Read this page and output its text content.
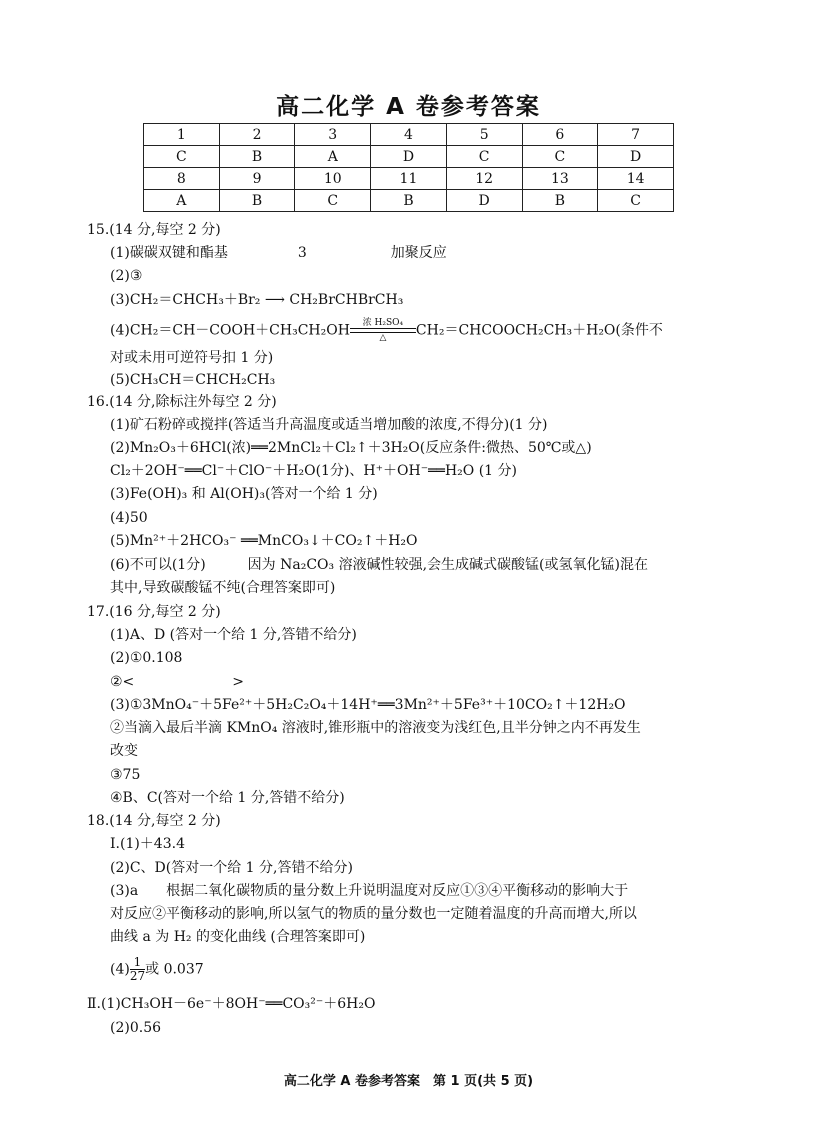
高二化学 A 卷参考答案
1	2	3	4	5	6	7
C	B	A	D	C	C	D
8	9	10	11	12	13	14
A	B	C	B	D	B	C
15.(14 分,每空 2 分)
(1)碳碳双键和酯基　　　　　3　　　　　　加聚反应
(2)③
(3)CH₂＝CHCH₃＋Br₂ ⟶ CH₂BrCHBrCH₃
(4)CH₂＝CH－COOH＋CH₃CH₂OH 浓 H₂SO₄
△ CH₂＝CHCOOCH₂CH₃＋H₂O(条件不
对或未用可逆符号扣 1 分)
(5)CH₃CH＝CHCH₂CH₃
16.(14 分,除标注外每空 2 分)
(1)矿石粉碎或搅拌(答适当升高温度或适当增加酸的浓度,不得分)(1 分)
(2)Mn₂O₃＋6HCl(浓)══2MnCl₂＋Cl₂↑＋3H₂O(反应条件:微热、50℃或△)
Cl₂＋2OH⁻══Cl⁻＋ClO⁻＋H₂O(1分)、H⁺＋OH⁻══H₂O (1 分)
(3)Fe(OH)₃ 和 Al(OH)₃(答对一个给 1 分)
(4)50
(5)Mn²⁺＋2HCO₃⁻ ══MnCO₃↓＋CO₂↑＋H₂O
(6)不可以(1分)　　　因为 Na₂CO₃ 溶液碱性较强,会生成碱式碳酸锰(或氢氧化锰)混在
其中,导致碳酸锰不纯(合理答案即可)
17.(16 分,每空 2 分)
(1)A、D (答对一个给 1 分,答错不给分)
(2)①0.108
②<　　　　　　　>
(3)①3MnO₄⁻＋5Fe²⁺＋5H₂C₂O₄＋14H⁺══3Mn²⁺＋5Fe³⁺＋10CO₂↑＋12H₂O
②当滴入最后半滴 KMnO₄ 溶液时,锥形瓶中的溶液变为浅红色,且半分钟之内不再发生
改变
③75
④B、C(答对一个给 1 分,答错不给分)
18.(14 分,每空 2 分)
Ⅰ.(1)＋43.4
(2)C、D(答对一个给 1 分,答错不给分)
(3)a　　根据二氧化碳物质的量分数上升说明温度对反应①③④平衡移动的影响大于
对反应②平衡移动的影响,所以氢气的物质的量分数也一定随着温度的升高而增大,所以
曲线 a 为 H₂ 的变化曲线 (合理答案即可)
$(4) \frac{1}{27}$ 或 0.037
Ⅱ.(1)CH₃OH－6e⁻＋8OH⁻══CO₃²⁻＋6H₂O
(2)0.56
高二化学 A 卷参考答案　第 1 页(共 5 页)
